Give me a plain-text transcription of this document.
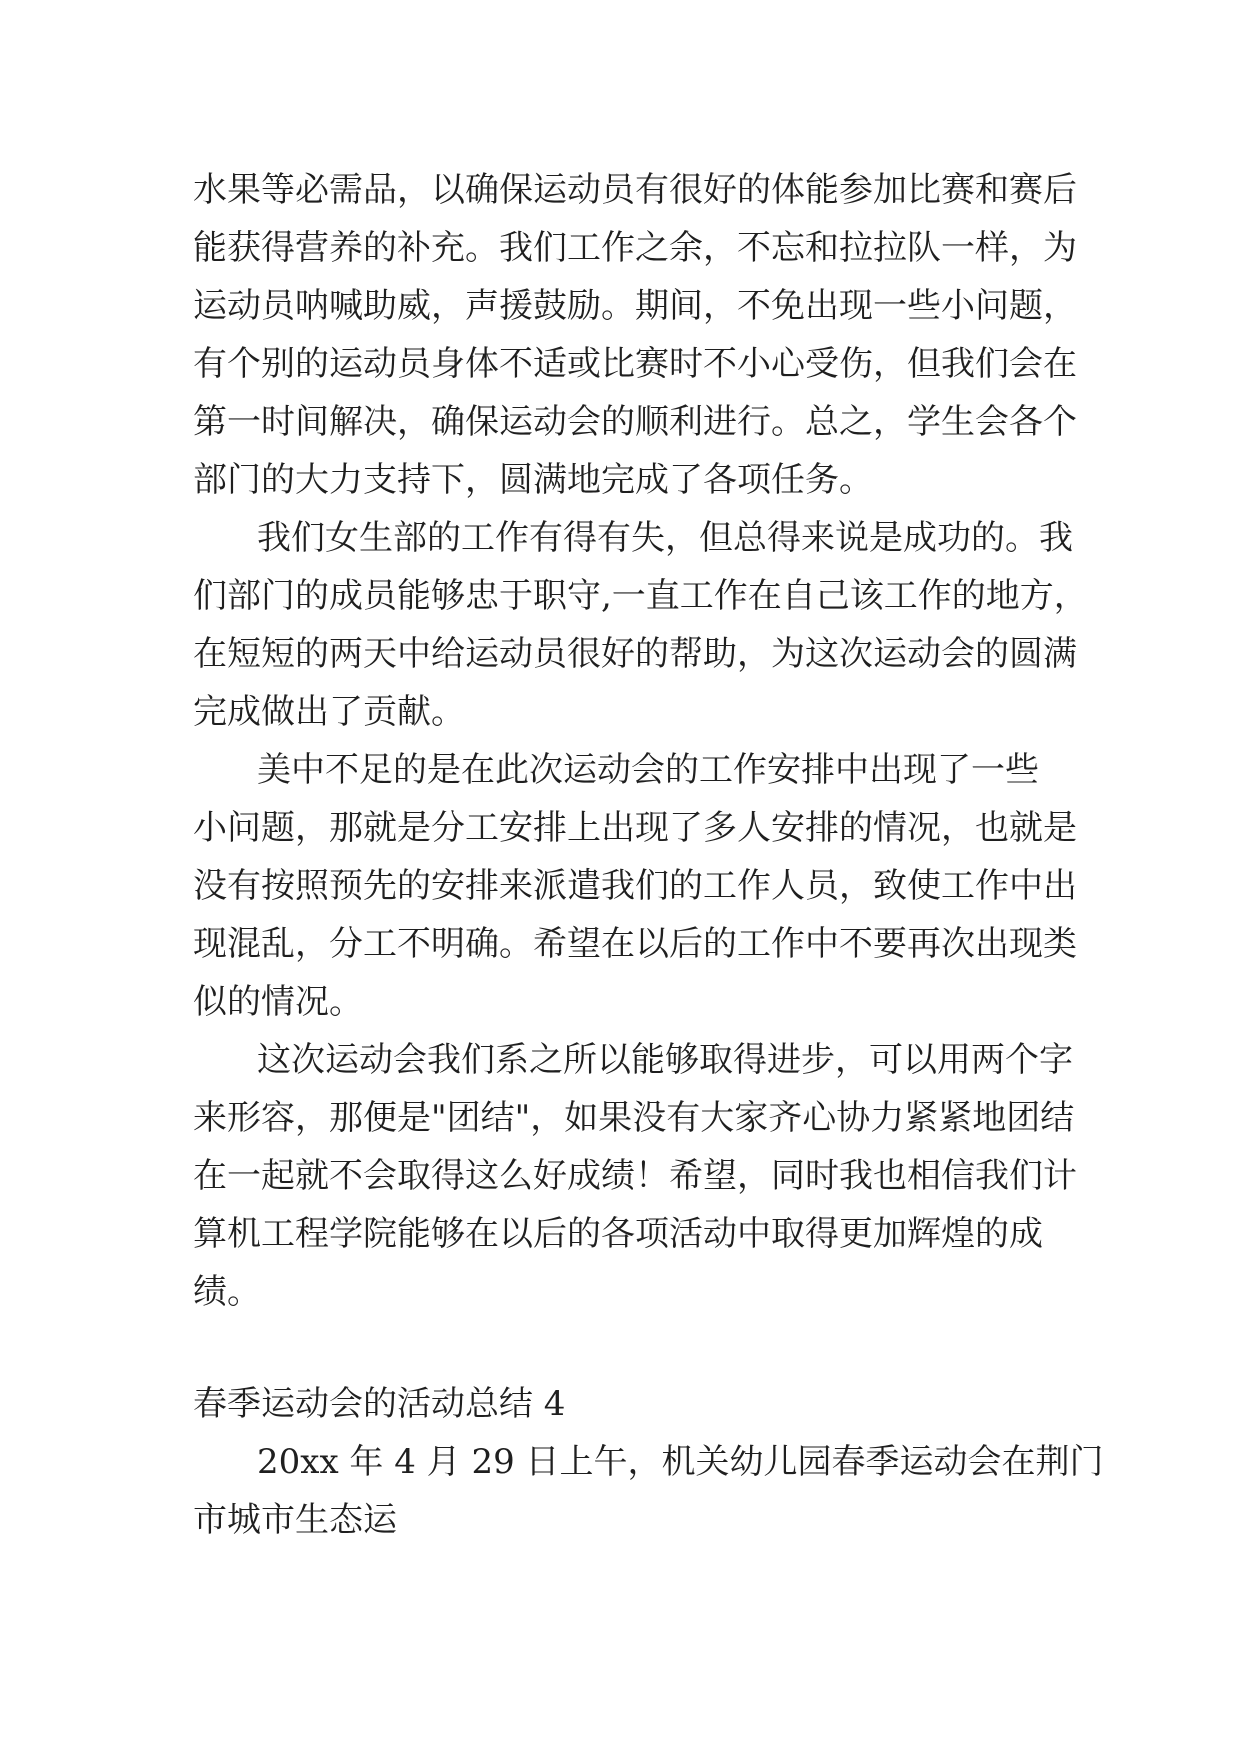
水果等必需品，以确保运动员有很好的体能参加比赛和赛后
能获得营养的补充。我们工作之余，不忘和拉拉队一样，为
运动员呐喊助威，声援鼓励。期间，不免出现一些小问题，
有个别的运动员身体不适或比赛时不小心受伤，但我们会在
第一时间解决，确保运动会的顺利进行。总之，学生会各个
部门的大力支持下，圆满地完成了各项任务。
我们女生部的工作有得有失，但总得来说是成功的。我
们部门的成员能够忠于职守,一直工作在自己该工作的地方，
在短短的两天中给运动员很好的帮助，为这次运动会的圆满
完成做出了贡献。
美中不足的是在此次运动会的工作安排中出现了一些
小问题，那就是分工安排上出现了多人安排的情况，也就是
没有按照预先的安排来派遣我们的工作人员，致使工作中出
现混乱，分工不明确。希望在以后的工作中不要再次出现类
似的情况。
这次运动会我们系之所以能够取得进步，可以用两个字
来形容，那便是"团结"，如果没有大家齐心协力紧紧地团结
在一起就不会取得这么好成绩！希望，同时我也相信我们计
算机工程学院能够在以后的各项活动中取得更加辉煌的成
绩。
春季运动会的活动总结 4
20xx 年 4 月 29 日上午，机关幼儿园春季运动会在荆门
市城市生态运
